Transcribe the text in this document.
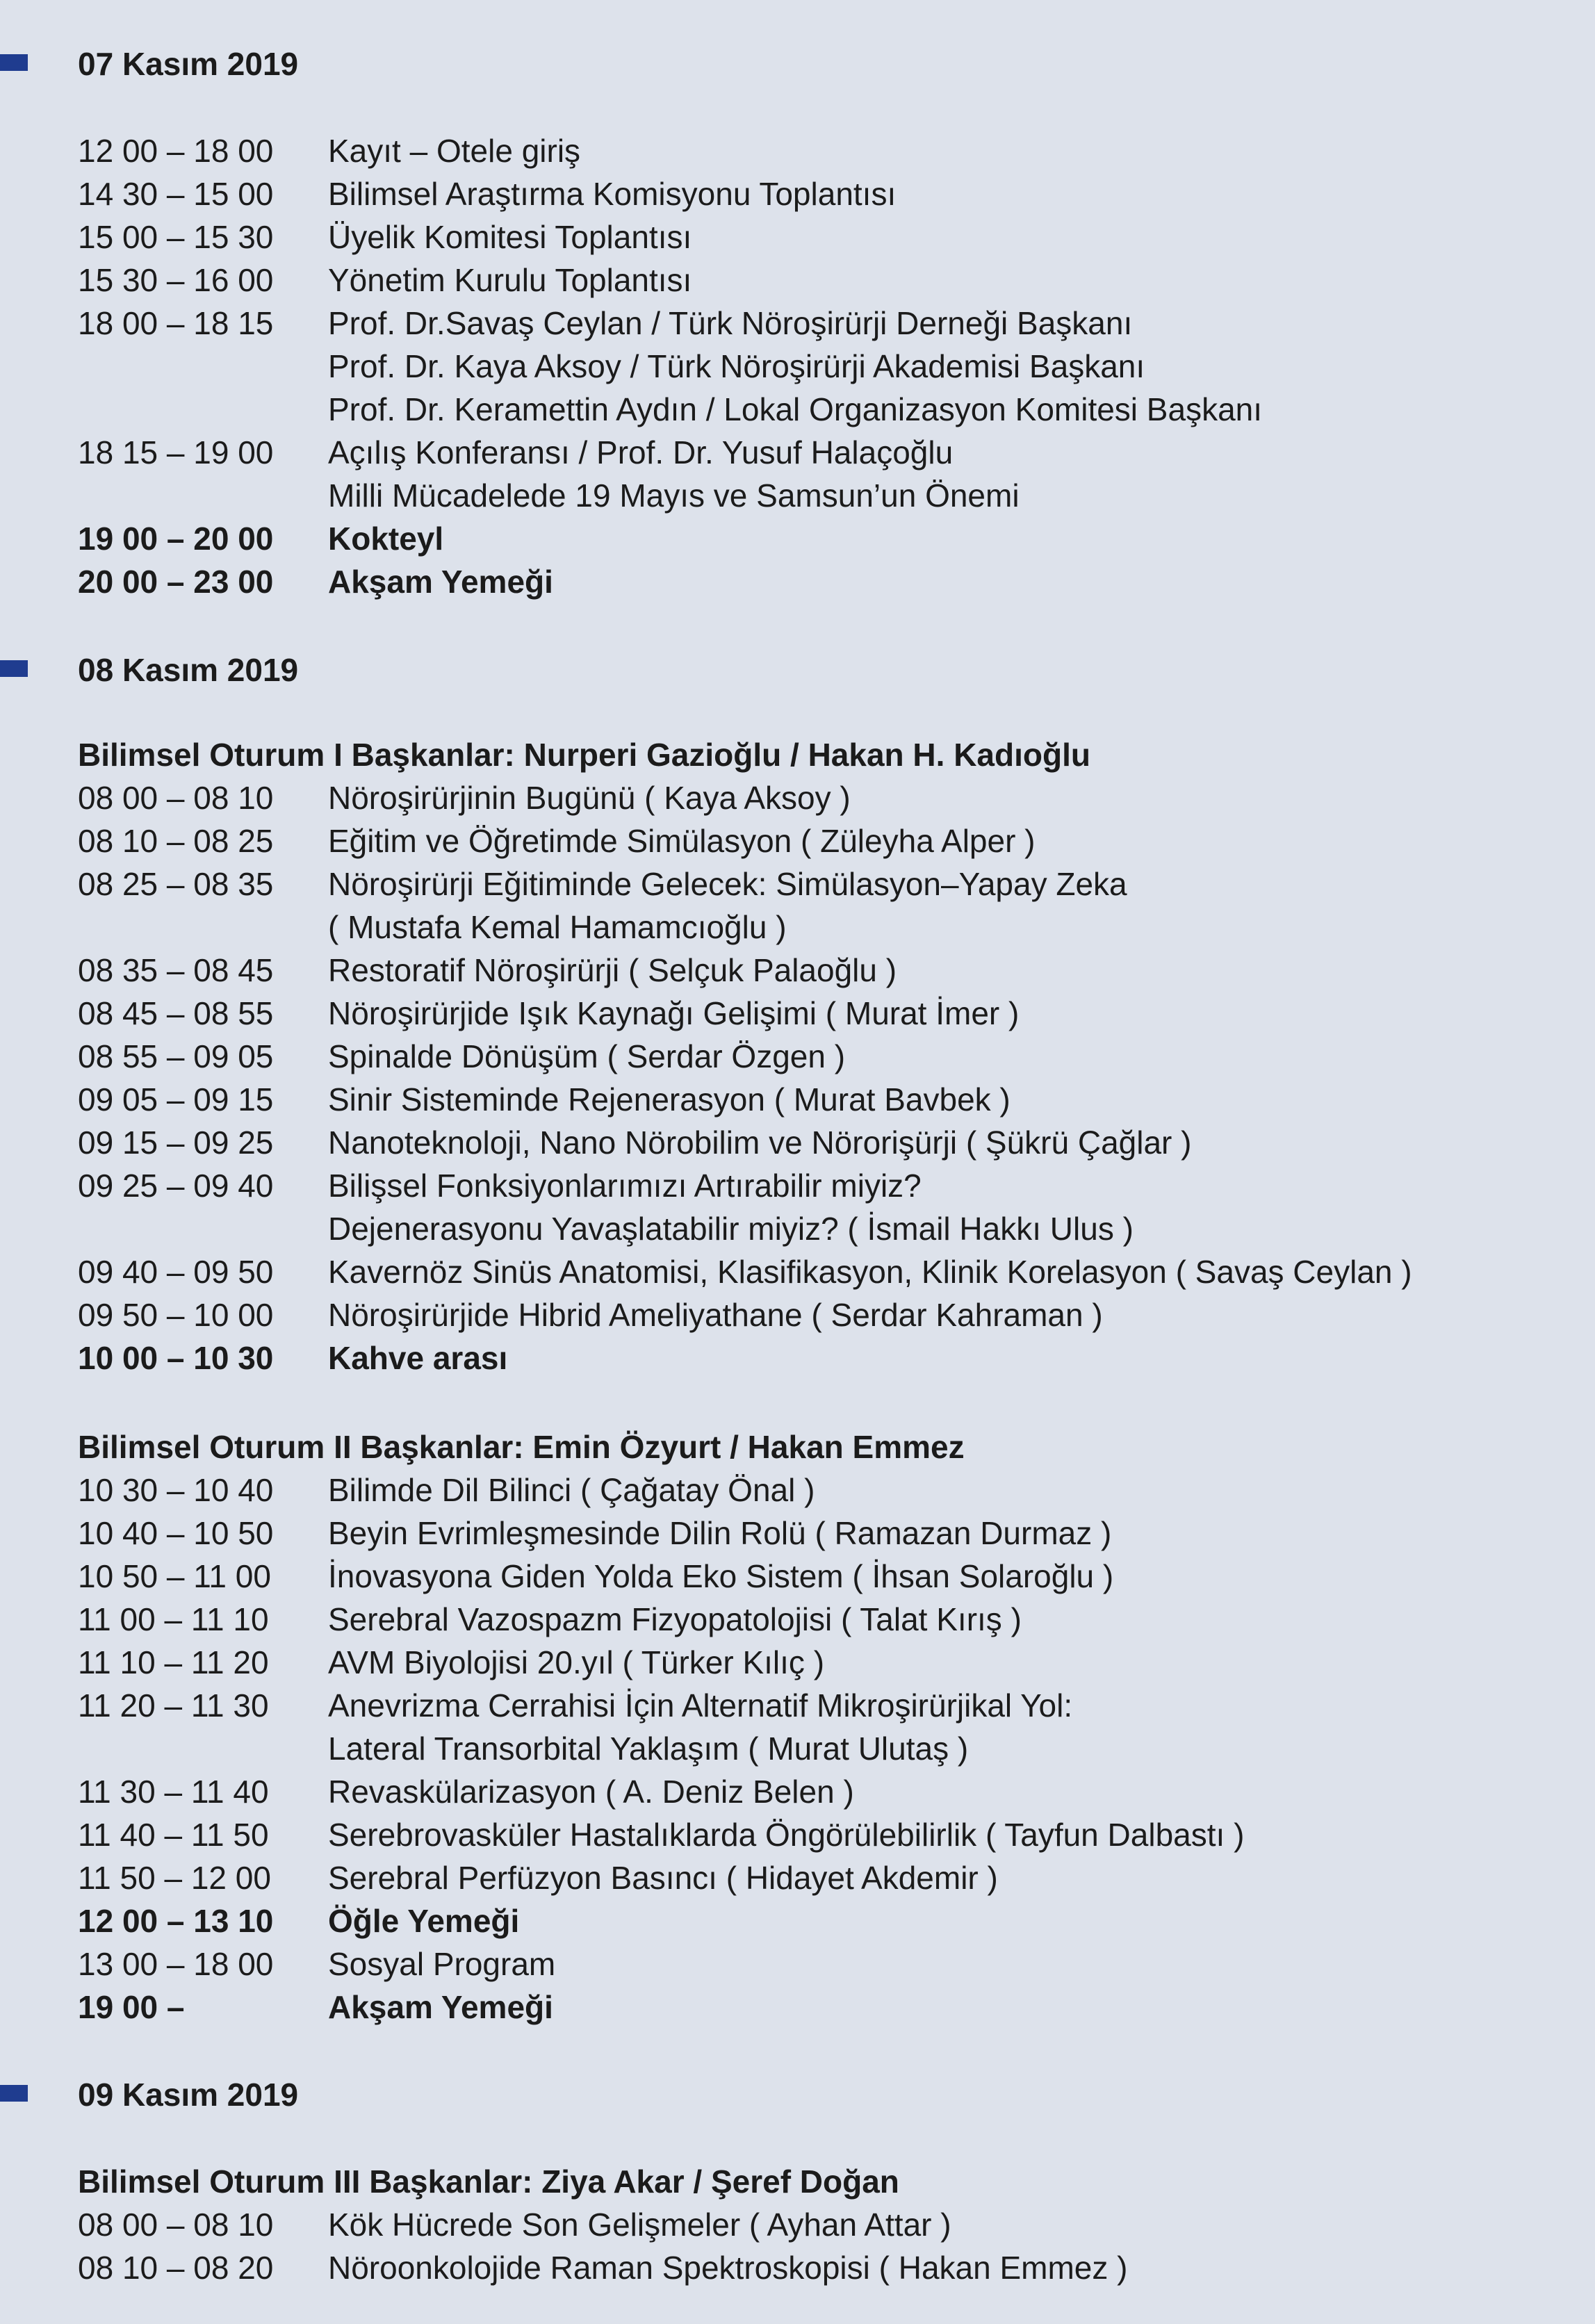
07 Kasım 2019
12 00 – 18 00	Kayıt – Otele giriş
14 30 – 15 00	Bilimsel Araştırma Komisyonu Toplantısı
15 00 – 15 30	Üyelik Komitesi Toplantısı
15 30 – 16 00	Yönetim Kurulu Toplantısı
18 00 – 18 15	Prof. Dr.Savaş Ceylan / Türk Nöroşirürji Derneği Başkanı
Prof. Dr. Kaya Aksoy / Türk Nöroşirürji Akademisi Başkanı
Prof. Dr. Keramettin Aydın / Lokal Organizasyon Komitesi Başkanı
18 15 – 19 00	Açılış Konferansı / Prof. Dr. Yusuf Halaçoğlu
Milli Mücadelede 19 Mayıs ve Samsun’un Önemi
19 00 – 20 00	Kokteyl
20 00 – 23 00	Akşam Yemeği
08 Kasım 2019
Bilimsel Oturum I Başkanlar: Nurperi Gazioğlu / Hakan H. Kadıoğlu
08 00 – 08 10	Nöroşirürjinin Bugünü ( Kaya Aksoy )
08 10 – 08 25	Eğitim ve Öğretimde Simülasyon ( Züleyha Alper )
08 25 – 08 35	Nöroşirürji Eğitiminde Gelecek: Simülasyon–Yapay Zeka
( Mustafa Kemal Hamamcıoğlu )
08 35 – 08 45	Restoratif Nöroşirürji ( Selçuk Palaoğlu )
08 45 – 08 55	Nöroşirürjide Işık Kaynağı Gelişimi ( Murat İmer )
08 55 – 09 05	Spinalde Dönüşüm ( Serdar Özgen )
09 05 – 09 15	Sinir Sisteminde Rejenerasyon ( Murat Bavbek )
09 15 – 09 25	Nanoteknoloji, Nano Nörobilim ve Nörorişürji ( Şükrü Çağlar )
09 25 – 09 40	Bilişsel Fonksiyonlarımızı Artırabilir miyiz?
Dejenerasyonu Yavaşlatabilir miyiz? ( İsmail Hakkı Ulus )
09 40 – 09 50	Kavernöz Sinüs Anatomisi, Klasifikasyon, Klinik Korelasyon ( Savaş Ceylan )
09 50 – 10 00	Nöroşirürjide Hibrid Ameliyathane ( Serdar Kahraman )
10 00 – 10 30	Kahve arası
Bilimsel Oturum II Başkanlar: Emin Özyurt / Hakan Emmez
10 30 – 10 40	Bilimde Dil Bilinci ( Çağatay Önal )
10 40 – 10 50	Beyin Evrimleşmesinde Dilin Rolü ( Ramazan Durmaz )
10 50 – 11 00	İnovasyona Giden Yolda Eko Sistem ( İhsan Solaroğlu )
11 00 – 11 10	Serebral Vazospazm Fizyopatolojisi ( Talat Kırış )
11 10 – 11 20	AVM Biyolojisi 20.yıl ( Türker Kılıç )
11 20 – 11 30	Anevrizma Cerrahisi İçin Alternatif Mikroşirürjikal Yol:
Lateral Transorbital Yaklaşım ( Murat Ulutaş )
11 30 – 11 40	Revaskülarizasyon ( A. Deniz Belen )
11 40 – 11 50	Serebrovasküler Hastalıklarda Öngörülebilirlik ( Tayfun Dalbastı )
11 50 – 12 00	Serebral Perfüzyon Basıncı ( Hidayet Akdemir )
12 00 – 13 10	Öğle Yemeği
13 00 – 18 00	Sosyal Program
19 00 –	Akşam Yemeği
09 Kasım 2019
Bilimsel Oturum III Başkanlar: Ziya Akar / Şeref Doğan
08 00 – 08 10	Kök Hücrede Son Gelişmeler ( Ayhan Attar )
08 10 – 08 20	Nöroonkolojide Raman Spektroskopisi ( Hakan Emmez )
